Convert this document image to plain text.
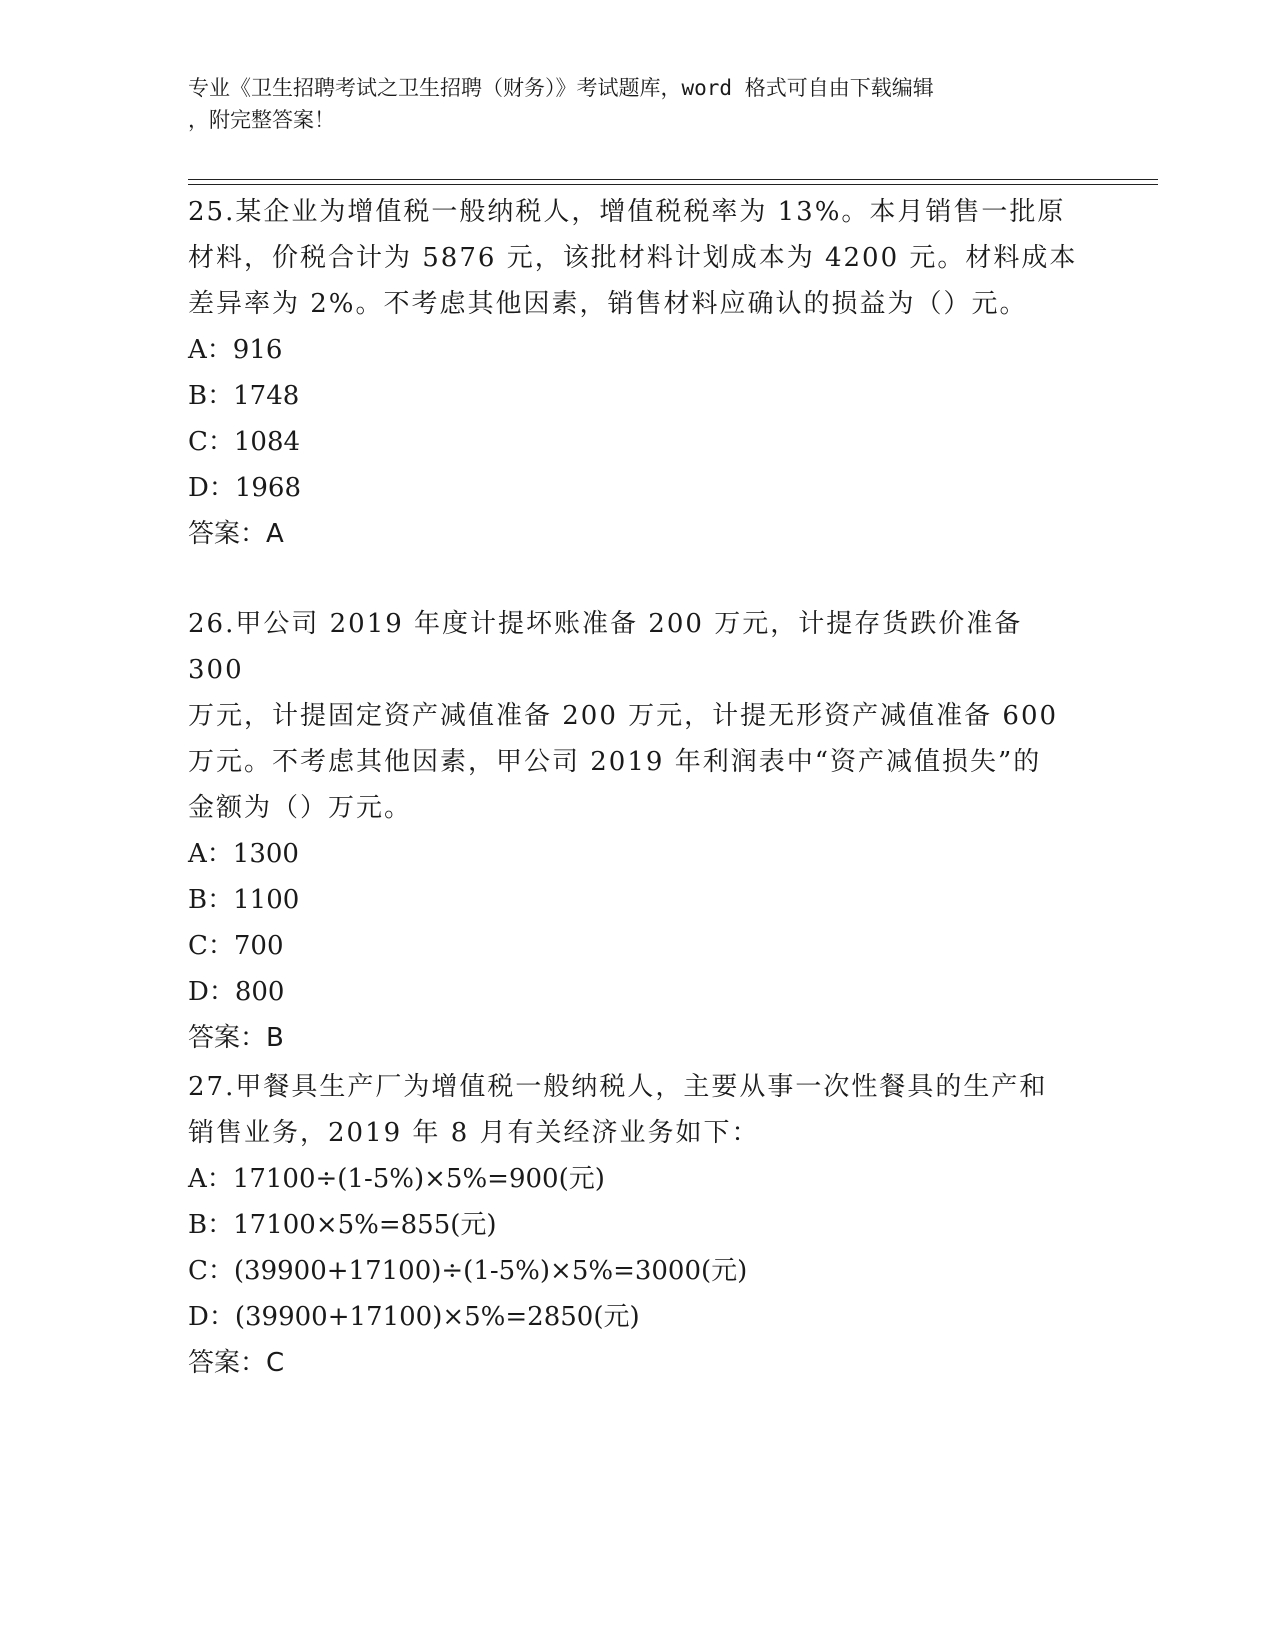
专业《卫生招聘考试之卫生招聘（财务）》考试题库，word 格式可自由下载编辑
，附完整答案！

25.某企业为增值税一般纳税人，增值税税率为 13%。本月销售一批原

材料，价税合计为 5876 元，该批材料计划成本为 4200 元。材料成本

差异率为 2%。不考虑其他因素，销售材料应确认的损益为（）元。

A：916

B：1748

C：1084

D：1968

答案：A

26.甲公司 2019 年度计提坏账准备 200 万元，计提存货跌价准备 300

万元，计提固定资产减值准备 200 万元，计提无形资产减值准备 600

万元。不考虑其他因素，甲公司 2019 年利润表中“资产减值损失”的

金额为（）万元。

A：1300

B：1100

C：700

D：800

答案：B

27.甲餐具生产厂为增值税一般纳税人，主要从事一次性餐具的生产和

销售业务，2019 年 8 月有关经济业务如下：

A：17100÷(1-5%)×5%=900(元)

B：17100×5%=855(元)

C：(39900+17100)÷(1-5%)×5%=3000(元)

D：(39900+17100)×5%=2850(元)

答案：C
